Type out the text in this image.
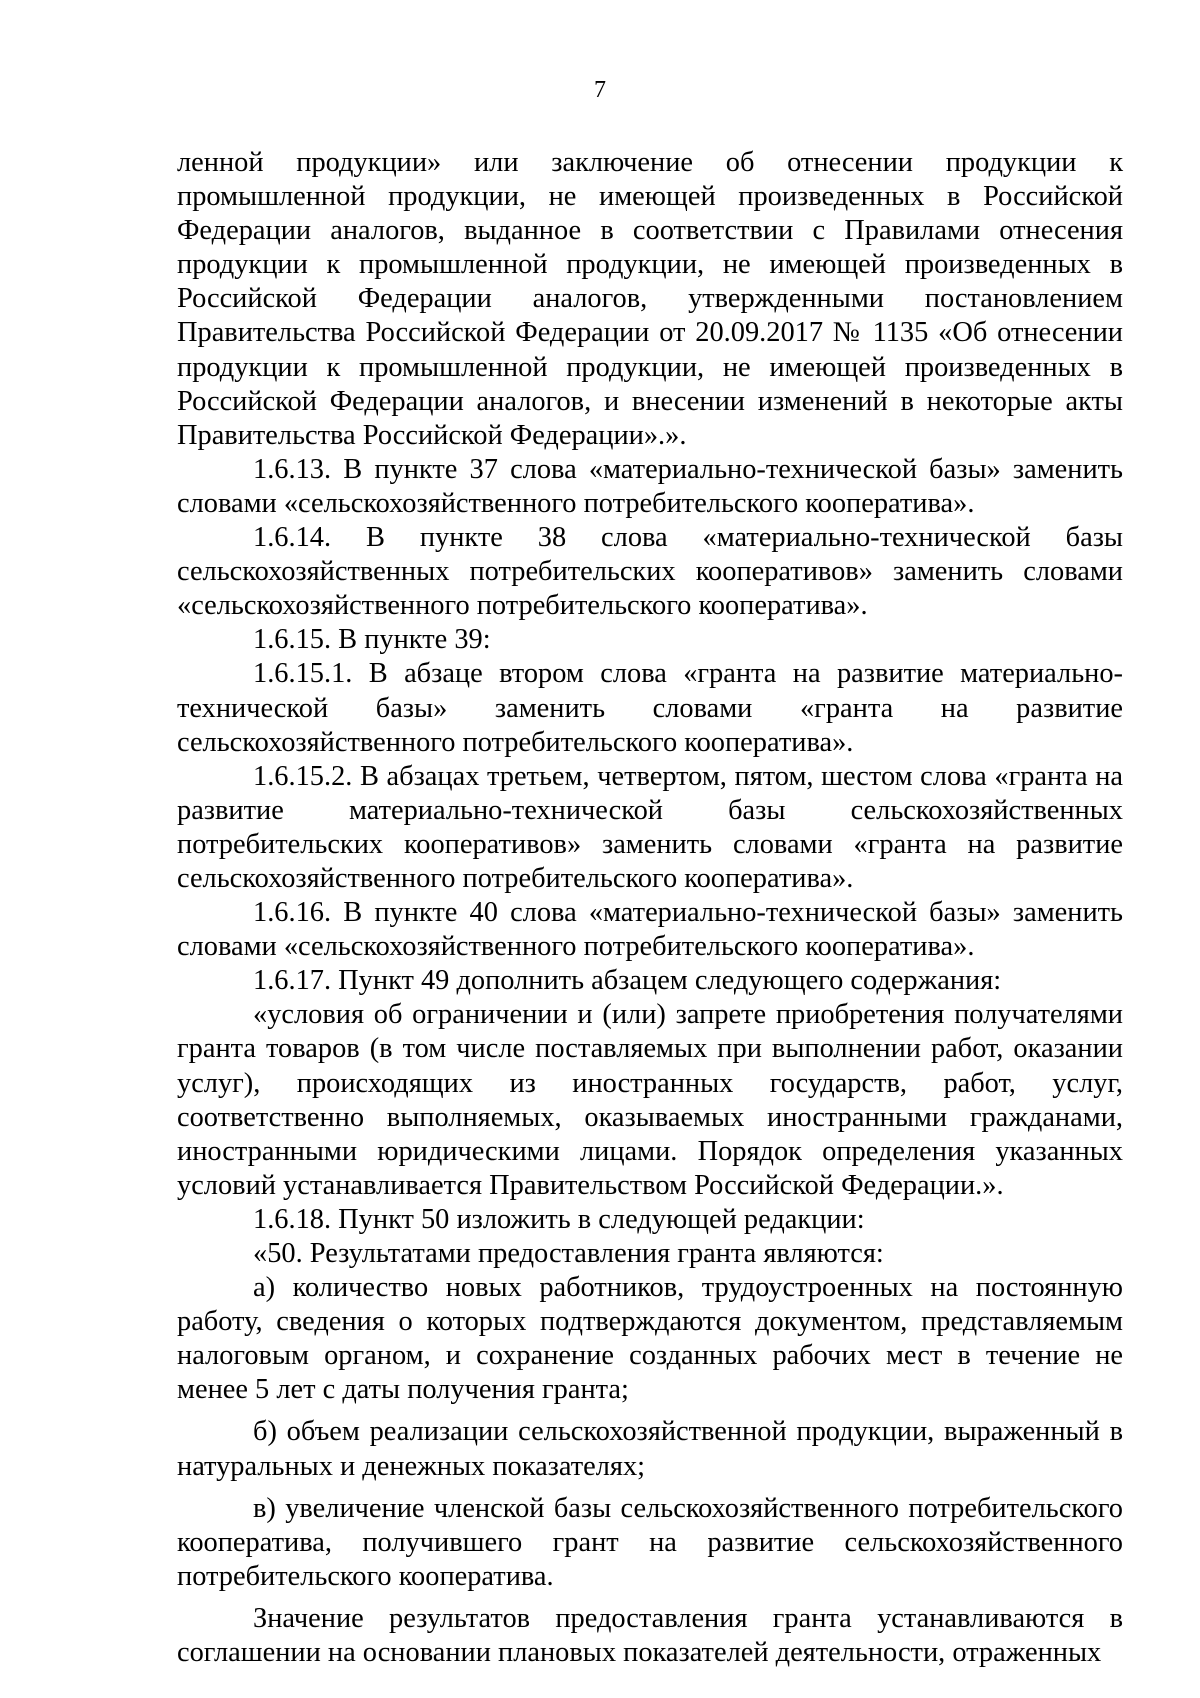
7

ленной продукции» или заключение об отнесении продукции к промышленной продукции, не имеющей произведенных в Российской Федерации аналогов, выданное в соответствии с Правилами отнесения продукции к промышленной продукции, не имеющей произведенных в Российской Федерации аналогов, утвержденными постановлением Правительства Российской Федерации от 20.09.2017 № 1135 «Об отнесении продукции к промышленной продукции, не имеющей произведенных в Российской Федерации аналогов, и внесении изменений в некоторые акты Правительства Российской Федерации».».

1.6.13. В пункте 37 слова «материально-технической базы» заменить словами «сельскохозяйственного потребительского кооператива».

1.6.14. В пункте 38 слова «материально-технической базы сельскохозяйственных потребительских кооперативов» заменить словами «сельскохозяйственного потребительского кооператива».

1.6.15. В пункте 39:

1.6.15.1. В абзаце втором слова «гранта на развитие материально-технической базы» заменить словами «гранта на развитие сельскохозяйственного потребительского кооператива».

1.6.15.2. В абзацах третьем, четвертом, пятом, шестом слова «гранта на развитие материально-технической базы сельскохозяйственных потребительских кооперативов» заменить словами «гранта на развитие сельскохозяйственного потребительского кооператива».

1.6.16. В пункте 40 слова «материально-технической базы» заменить словами «сельскохозяйственного потребительского кооператива».

1.6.17. Пункт 49 дополнить абзацем следующего содержания:

«условия об ограничении и (или) запрете приобретения получателями гранта товаров (в том числе поставляемых при выполнении работ, оказании услуг), происходящих из иностранных государств, работ, услуг, соответственно выполняемых, оказываемых иностранными гражданами, иностранными юридическими лицами. Порядок определения указанных условий устанавливается Правительством Российской Федерации.».

1.6.18. Пункт 50 изложить в следующей редакции:

«50. Результатами предоставления гранта являются:

а) количество новых работников, трудоустроенных на постоянную работу, сведения о которых подтверждаются документом, представляемым налоговым органом, и сохранение созданных рабочих мест в течение не менее 5 лет с даты получения гранта;

б) объем реализации сельскохозяйственной продукции, выраженный в натуральных и денежных показателях;

в) увеличение членской базы сельскохозяйственного потребительского кооператива, получившего грант на развитие сельскохозяйственного потребительского кооператива.

Значение результатов предоставления гранта устанавливаются в соглашении на основании плановых показателей деятельности, отраженных
